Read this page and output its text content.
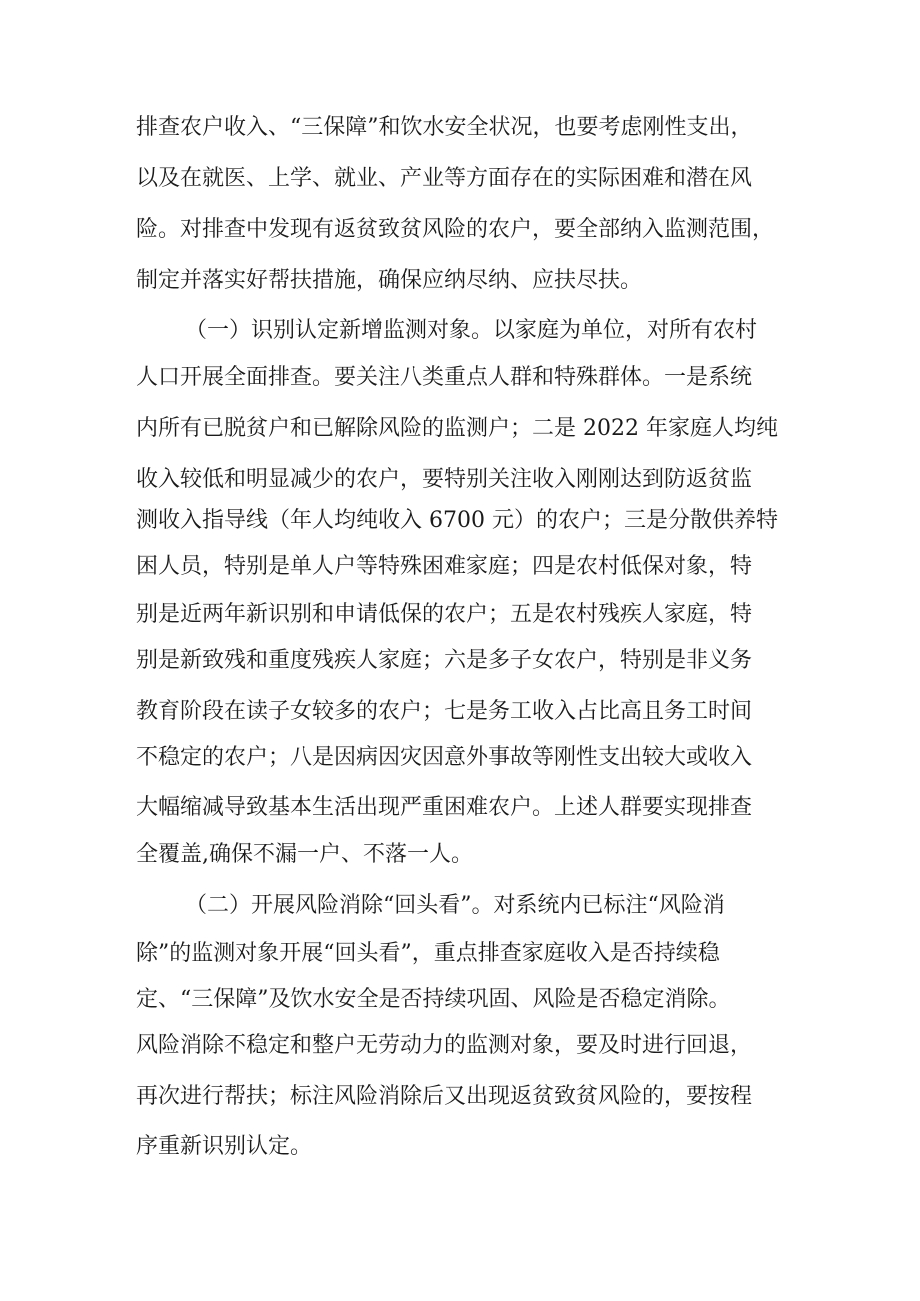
排查农户收入、“三保障”和饮水安全状况，也要考虑刚性支出，
以及在就医、上学、就业、产业等方面存在的实际困难和潜在风
险。对排查中发现有返贫致贫风险的农户，要全部纳入监测范围，
制定并落实好帮扶措施，确保应纳尽纳、应扶尽扶。
（一）识别认定新增监测对象。以家庭为单位，对所有农村
人口开展全面排查。要关注八类重点人群和特殊群体。一是系统
内所有已脱贫户和已解除风险的监测户；二是 2022 年家庭人均纯
收入较低和明显减少的农户，要特别关注收入刚刚达到防返贫监
测收入指导线（年人均纯收入 6700 元）的农户；三是分散供养特
困人员，特别是单人户等特殊困难家庭；四是农村低保对象，特
别是近两年新识别和申请低保的农户；五是农村残疾人家庭，特
别是新致残和重度残疾人家庭；六是多子女农户，特别是非义务
教育阶段在读子女较多的农户；七是务工收入占比高且务工时间
不稳定的农户；八是因病因灾因意外事故等刚性支出较大或收入
大幅缩减导致基本生活出现严重困难农户。上述人群要实现排查
全覆盖,确保不漏一户、不落一人。
（二）开展风险消除“回头看”。对系统内已标注“风险消
除”的监测对象开展“回头看”，重点排查家庭收入是否持续稳
定、“三保障”及饮水安全是否持续巩固、风险是否稳定消除。
风险消除不稳定和整户无劳动力的监测对象，要及时进行回退，
再次进行帮扶；标注风险消除后又出现返贫致贫风险的，要按程
序重新识别认定。
